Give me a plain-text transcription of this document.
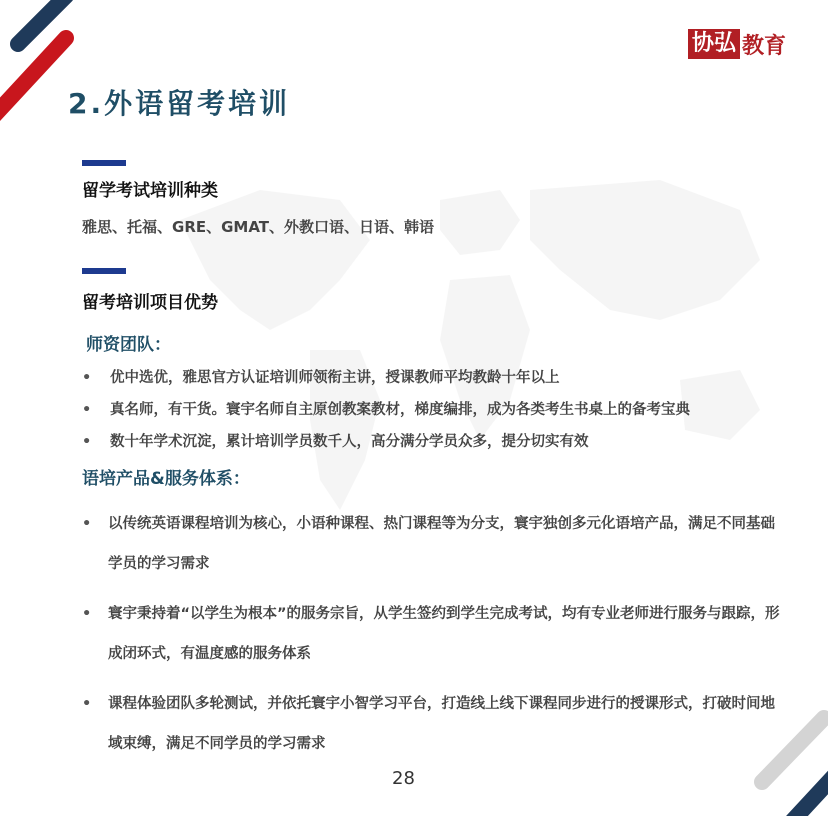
协弘 教育
2.外语留考培训
留学考试培训种类
雅思、托福、GRE、GMAT、外教口语、日语、韩语
留考培训项目优势
师资团队：
• 优中选优，雅思官方认证培训师领衔主讲，授课教师平均教龄十年以上
• 真名师，有干货。寰宇名师自主原创教案教材，梯度编排，成为各类考生书桌上的备考宝典
• 数十年学术沉淀，累计培训学员数千人，高分满分学员众多，提分切实有效
语培产品&服务体系：
•	以传统英语课程培训为核心，小语种课程、热门课程等为分支，寰宇独创多元化语培产品，满足不同基础学员的学习需求
•	寰宇秉持着“以学生为根本”的服务宗旨，从学生签约到学生完成考试，均有专业老师进行服务与跟踪，形成闭环式，有温度感的服务体系
•	课程体验团队多轮测试，并依托寰宇小智学习平台，打造线上线下课程同步进行的授课形式，打破时间地域束缚，满足不同学员的学习需求
28
